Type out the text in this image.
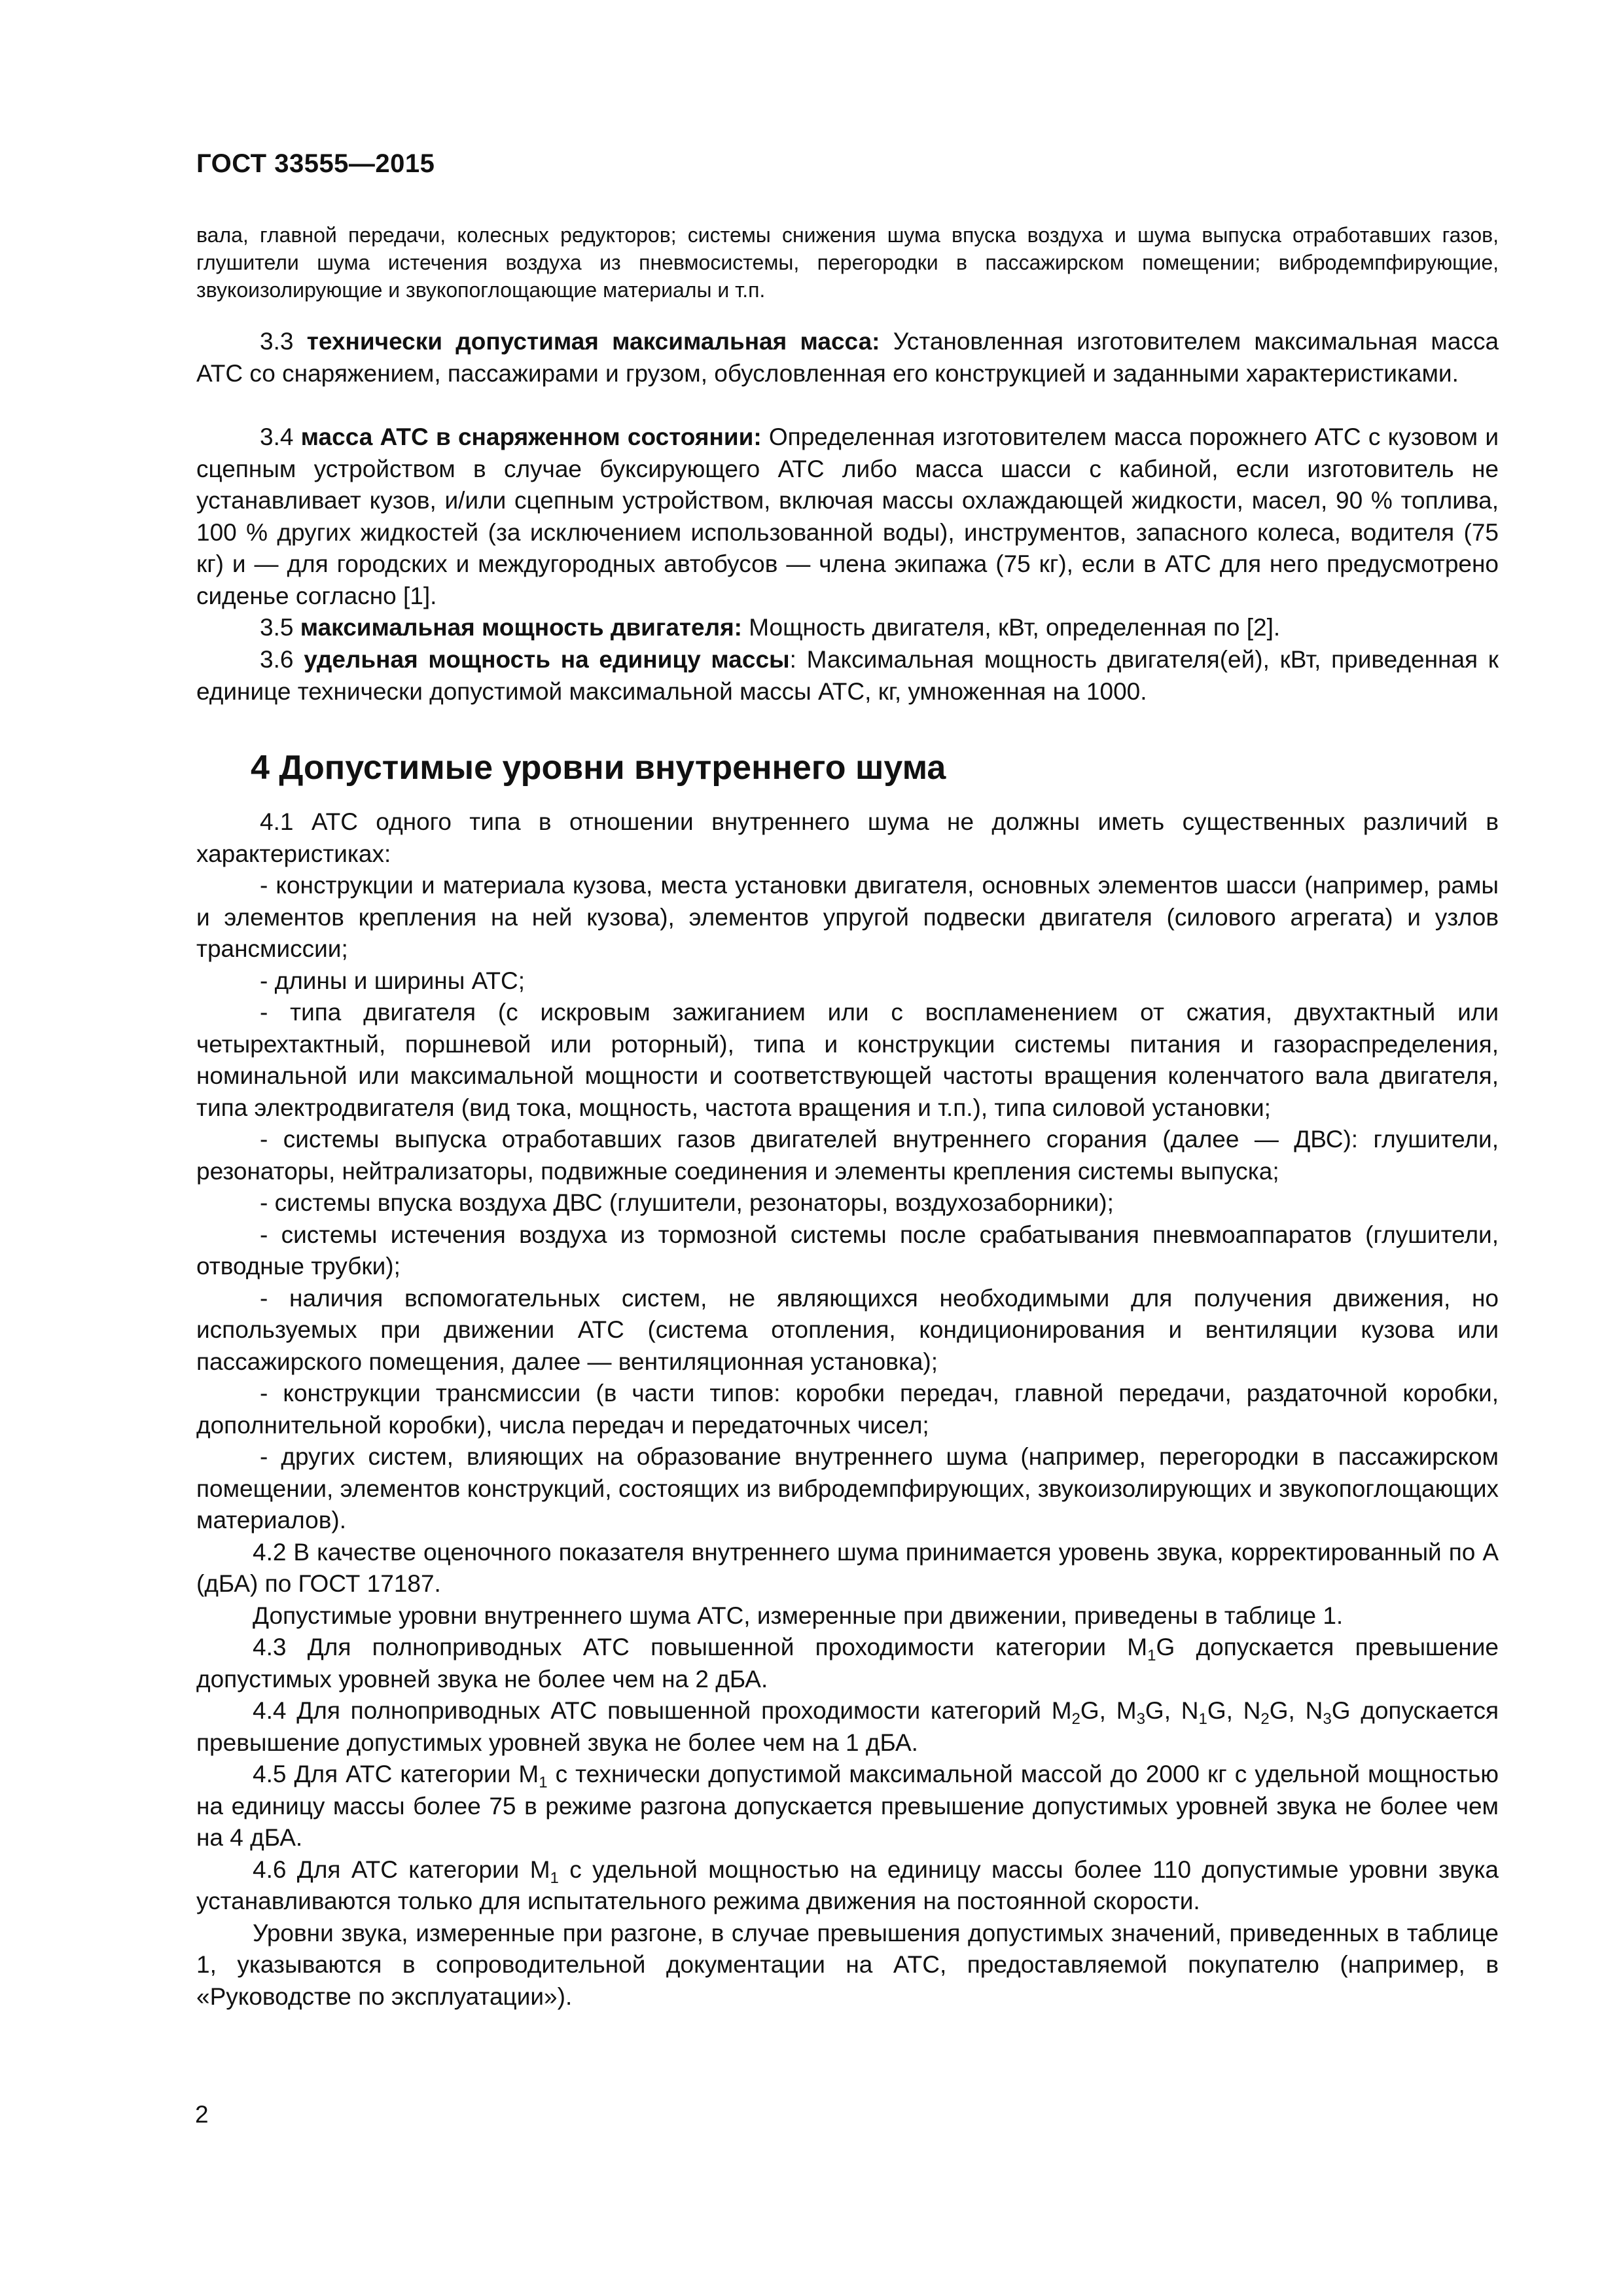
ГОСТ 33555—2015

вала, главной передачи, колесных редукторов; системы снижения шума впуска воздуха и шума выпуска отработавших газов, глушители шума истечения воздуха из пневмосистемы, перегородки в пассажирском помещении; вибродемпфирующие, звукоизолирующие и звукопоглощающие материалы и т.п.

3.3 технически допустимая максимальная масса: Установленная изготовителем максимальная масса АТС со снаряжением, пассажирами и грузом, обусловленная его конструкцией и заданными характеристиками.

3.4 масса АТС в снаряженном состоянии: Определенная изготовителем масса порожнего АТС с кузовом и сцепным устройством в случае буксирующего АТС либо масса шасси с кабиной, если изготовитель не устанавливает кузов, и/или сцепным устройством, включая массы охлаждающей жидкости, масел, 90 % топлива, 100 % других жидкостей (за исключением использованной воды), инструментов, запасного колеса, водителя (75 кг) и — для городских и междугородных автобусов — члена экипажа (75 кг), если в АТС для него предусмотрено сиденье согласно [1].

3.5 максимальная мощность двигателя: Мощность двигателя, кВт, определенная по [2].

3.6 удельная мощность на единицу массы: Максимальная мощность двигателя(ей), кВт, приведенная к единице технически допустимой максимальной массы АТС, кг, умноженная на 1000.

4 Допустимые уровни внутреннего шума
4.1 АТС одного типа в отношении внутреннего шума не должны иметь существенных различий в характеристиках:
- конструкции и материала кузова, места установки двигателя, основных элементов шасси (например, рамы и элементов крепления на ней кузова), элементов упругой подвески двигателя (силового агрегата) и узлов трансмиссии;
- длины и ширины АТС;
- типа двигателя (с искровым зажиганием или с воспламенением от сжатия, двухтактный или четырехтактный, поршневой или роторный), типа и конструкции системы питания и газораспределения, номинальной или максимальной мощности и соответствующей частоты вращения коленчатого вала двигателя, типа электродвигателя (вид тока, мощность, частота вращения и т.п.), типа силовой установки;
- системы выпуска отработавших газов двигателей внутреннего сгорания (далее — ДВС): глушители, резонаторы, нейтрализаторы, подвижные соединения и элементы крепления системы выпуска;
- системы впуска воздуха ДВС (глушители, резонаторы, воздухозаборники);
- системы истечения воздуха из тормозной системы после срабатывания пневмоаппаратов (глушители, отводные трубки);
- наличия вспомогательных систем, не являющихся необходимыми для получения движения, но используемых при движении АТС (система отопления, кондиционирования и вентиляции кузова или пассажирского помещения, далее — вентиляционная установка);
- конструкции трансмиссии (в части типов: коробки передач, главной передачи, раздаточной коробки, дополнительной коробки), числа передач и передаточных чисел;
- других систем, влияющих на образование внутреннего шума (например, перегородки в пассажирском помещении, элементов конструкций, состоящих из вибродемпфирующих, звукоизолирующих и звукопоглощающих материалов).
4.2 В качестве оценочного показателя внутреннего шума принимается уровень звука, корректированный по А (дБА) по ГОСТ 17187.
Допустимые уровни внутреннего шума АТС, измеренные при движении, приведены в таблице 1.
4.3 Для полноприводных АТС повышенной проходимости категории $M_1G$ допускается превышение допустимых уровней звука не более чем на 2 дБА.
4.4 Для полноприводных АТС повышенной проходимости категорий $M_2G$, $M_3G$, $N_1G$, $N_2G$, $N_3G$ допускается превышение допустимых уровней звука не более чем на 1 дБА.
4.5 Для АТС категории $M_1$ с технически допустимой максимальной массой до 2000 кг с удельной мощностью на единицу массы более 75 в режиме разгона допускается превышение допустимых уровней звука не более чем на 4 дБА.
4.6 Для АТС категории $M_1$ с удельной мощностью на единицу массы более 110 допустимые уровни звука устанавливаются только для испытательного режима движения на постоянной скорости.
Уровни звука, измеренные при разгоне, в случае превышения допустимых значений, приведенных в таблице 1, указываются в сопроводительной документации на АТС, предоставляемой покупателю (например, в «Руководстве по эксплуатации»).
2
